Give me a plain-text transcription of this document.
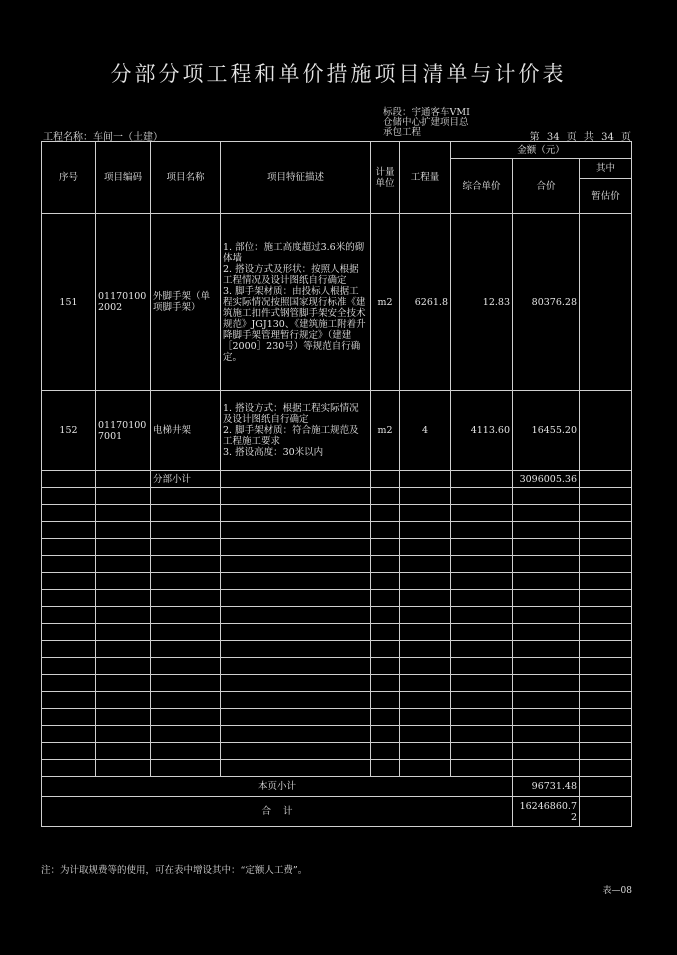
分部分项工程和单价措施项目清单与计价表
标段：宇通客车VMI
仓储中心扩建项目总
承包工程
工程名称：车间一（土建）	第 34 页 共 34 页
序号	项目编码	项目名称	项目特征描述	计量单位	工程量	金额（元）		
						综合单价	合价	其中
								暂估价
151	011701002002	外脚手架（单项脚手架）	1. 部位：施工高度超过3.6米的砌体墙
2. 搭设方式及形状：按照人根据工程情况及设计图纸自行确定
3. 脚手架材质：由投标人根据工程实际情况按照国家现行标准《建筑施工扣件式钢管脚手架安全技术规范》JGJ130、《建筑施工附着升降脚手架管理暂行规定》（建建［2000］230号）等规范自行确定。	m2	6261.8	12.83	80376.28	
152	011701007001	电梯井架	1. 搭设方式：根据工程实际情况及设计图纸自行确定
2. 脚手架材质：符合施工规范及工程施工要求
3. 搭设高度：30米以内	m2	4	4113.60	16455.20	
		分部小计					3096005.36	

本页小计							96731.48	
合    计							16246860.72	
注：为计取规费等的使用，可在表中增设其中：“定额人工费”。
表—08
